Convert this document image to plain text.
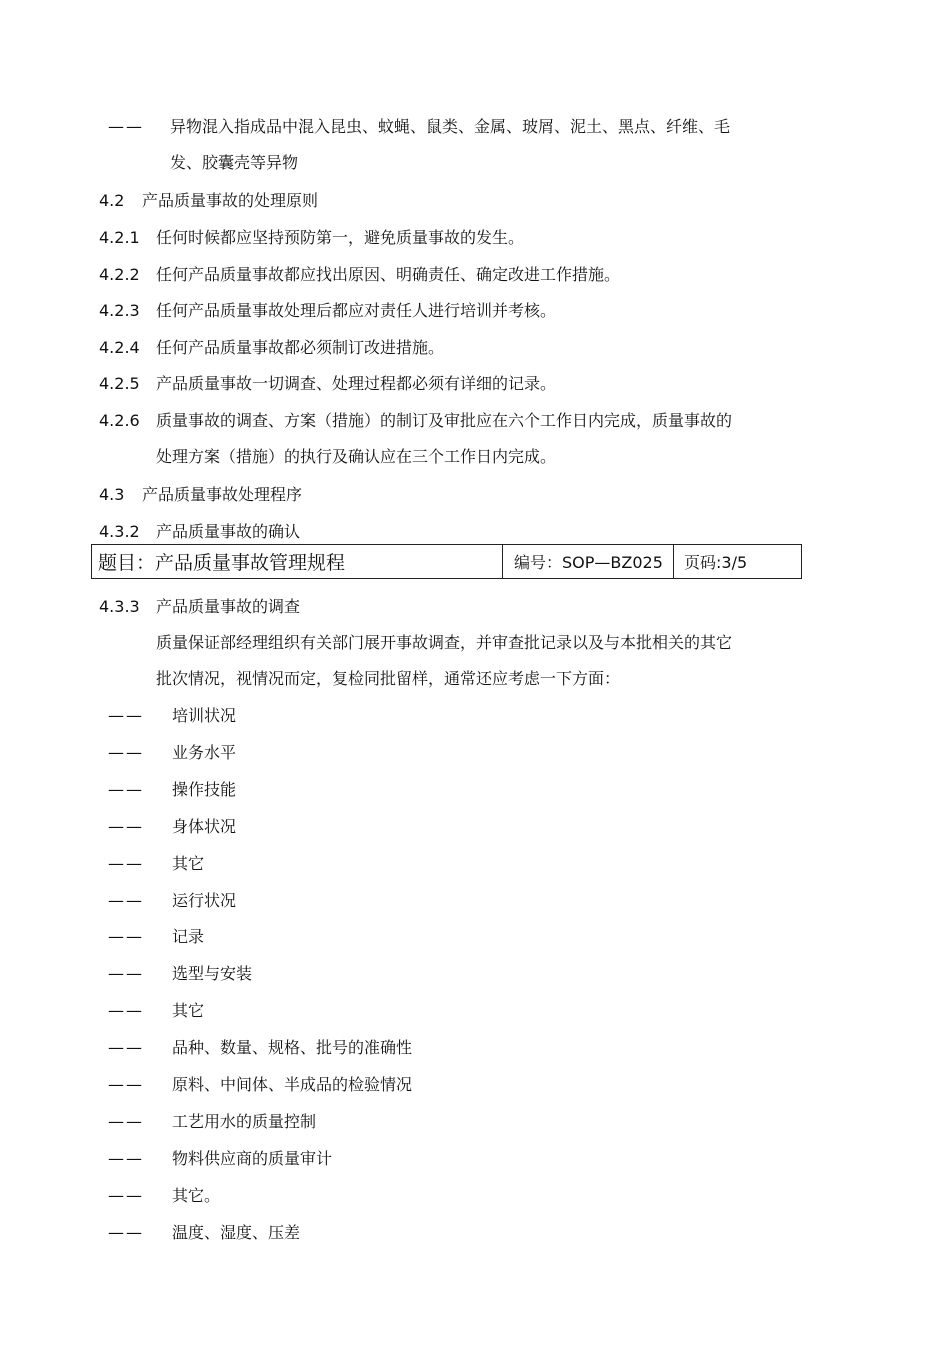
—— 异物混入指成品中混入昆虫、蚊蝇、鼠类、金属、玻屑、泥土、黑点、纤维、毛
发、胶囊壳等异物
4.2 产品质量事故的处理原则
4.2.1 任何时候都应坚持预防第一，避免质量事故的发生。
4.2.2 任何产品质量事故都应找出原因、明确责任、确定改进工作措施。
4.2.3 任何产品质量事故处理后都应对责任人进行培训并考核。
4.2.4 任何产品质量事故都必须制订改进措施。
4.2.5 产品质量事故一切调查、处理过程都必须有详细的记录。
4.2.6 质量事故的调查、方案（措施）的制订及审批应在六个工作日内完成，质量事故的
处理方案（措施）的执行及确认应在三个工作日内完成。
4.3 产品质量事故处理程序
4.3.2 产品质量事故的确认
题目：产品质量事故管理规程	编号：SOP—BZ025	页码:3/5
4.3.3 产品质量事故的调查
质量保证部经理组织有关部门展开事故调查，并审查批记录以及与本批相关的其它
批次情况，视情况而定，复检同批留样，通常还应考虑一下方面：
—— 培训状况
—— 业务水平
—— 操作技能
—— 身体状况
—— 其它
—— 运行状况
—— 记录
—— 选型与安装
—— 其它
—— 品种、数量、规格、批号的准确性
—— 原料、中间体、半成品的检验情况
—— 工艺用水的质量控制
—— 物料供应商的质量审计
—— 其它。
—— 温度、湿度、压差
